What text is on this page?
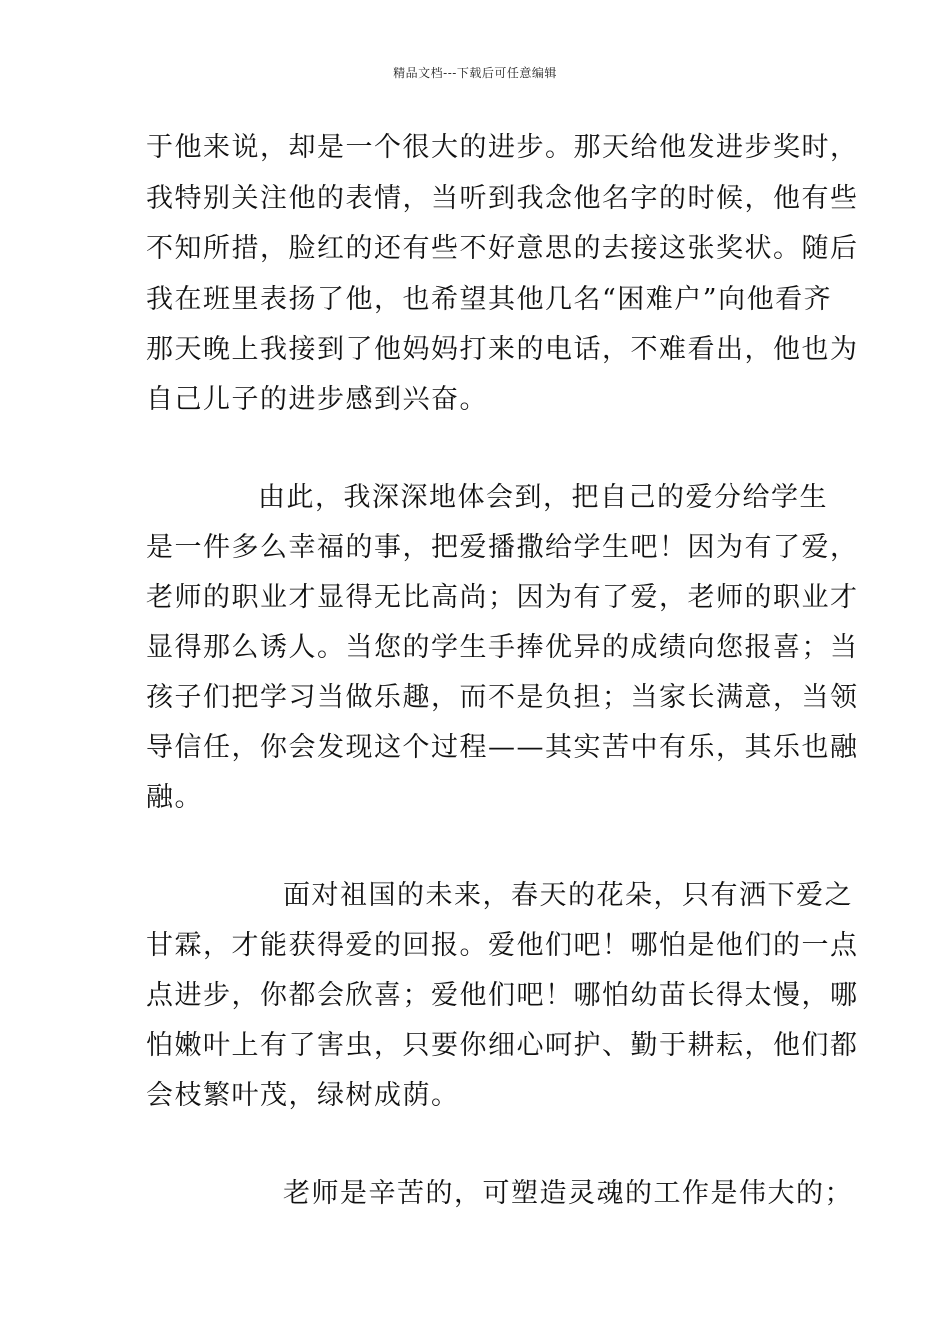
精品文档---下载后可任意编辑
于他来说，却是一个很大的进步。那天给他发进步奖时，
我特别关注他的表情，当听到我念他名字的时候，他有些
不知所措，脸红的还有些不好意思的去接这张奖状。随后
我在班里表扬了他，也希望其他几名“困难户”向他看齐
那天晚上我接到了他妈妈打来的电话，不难看出，他也为
自己儿子的进步感到兴奋。
由此，我深深地体会到，把自己的爱分给学生
是一件多么幸福的事，把爱播撒给学生吧！因为有了爱，
老师的职业才显得无比高尚；因为有了爱，老师的职业才
显得那么诱人。当您的学生手捧优异的成绩向您报喜；当
孩子们把学习当做乐趣，而不是负担；当家长满意，当领
导信任，你会发现这个过程——其实苦中有乐，其乐也融
融。
面对祖国的未来，春天的花朵，只有洒下爱之
甘霖，才能获得爱的回报。爱他们吧！哪怕是他们的一点
点进步，你都会欣喜；爱他们吧！哪怕幼苗长得太慢，哪
怕嫩叶上有了害虫，只要你细心呵护、勤于耕耘，他们都
会枝繁叶茂，绿树成荫。
老师是辛苦的，可塑造灵魂的工作是伟大的；
